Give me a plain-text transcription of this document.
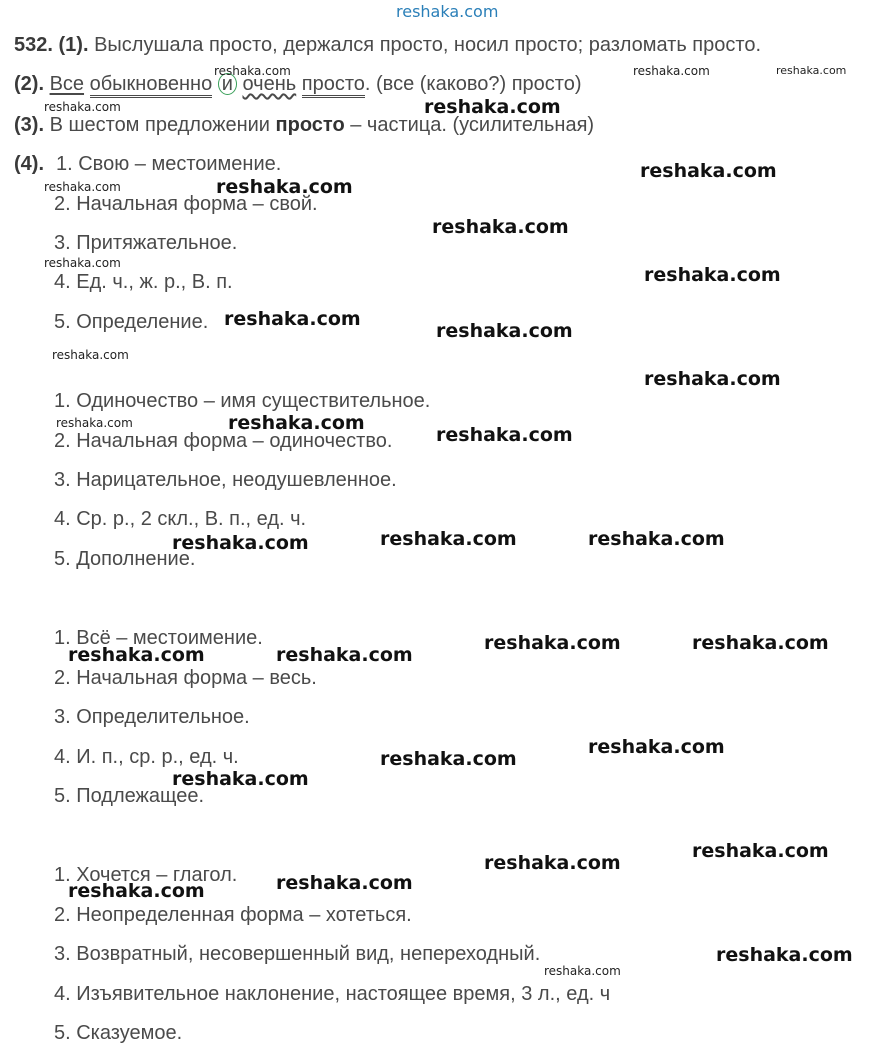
reshaka.com
532. (1). Выслушала просто, держался просто, носил просто; разломать просто.
(2). Все обыкновенно и очень просто. (все (каково?) просто)
(3). В шестом предложении просто – частица. (усилительная)
(4). 1. Свою – местоимение.
2. Начальная форма – свой.
3. Притяжательное.
4. Ед. ч., ж. р., В. п.
5. Определение.
1. Одиночество – имя существительное.
2. Начальная форма – одиночество.
3. Нарицательное, неодушевленное.
4. Ср. р., 2 скл., В. п., ед. ч.
5. Дополнение.
1. Всё – местоимение.
2. Начальная форма – весь.
3. Определительное.
4. И. п., ср. р., ед. ч.
5. Подлежащее.
1. Хочется – глагол.
2. Неопределенная форма – хотеться.
3. Возвратный, несовершенный вид, непереходный.
4. Изъявительное наклонение, настоящее время, 3 л., ед. ч
5. Сказуемое.
reshaka.com
reshaka.com
reshaka.com
reshaka.com
reshaka.com
reshaka.com
reshaka.com
reshaka.com
reshaka.com
reshaka.com
reshaka.com	reshaka.com	reshaka.com
reshaka.com	reshaka.com
reshaka.com	reshaka.com
reshaka.com
reshaka.com
reshaka.com
reshaka.com
reshaka.com
reshaka.com
reshaka.com
reshaka.com
reshaka.com	reshaka.com	reshaka.com
reshaka.com
reshaka.com
reshaka.com
reshaka.com
reshaka.com
reshaka.com
